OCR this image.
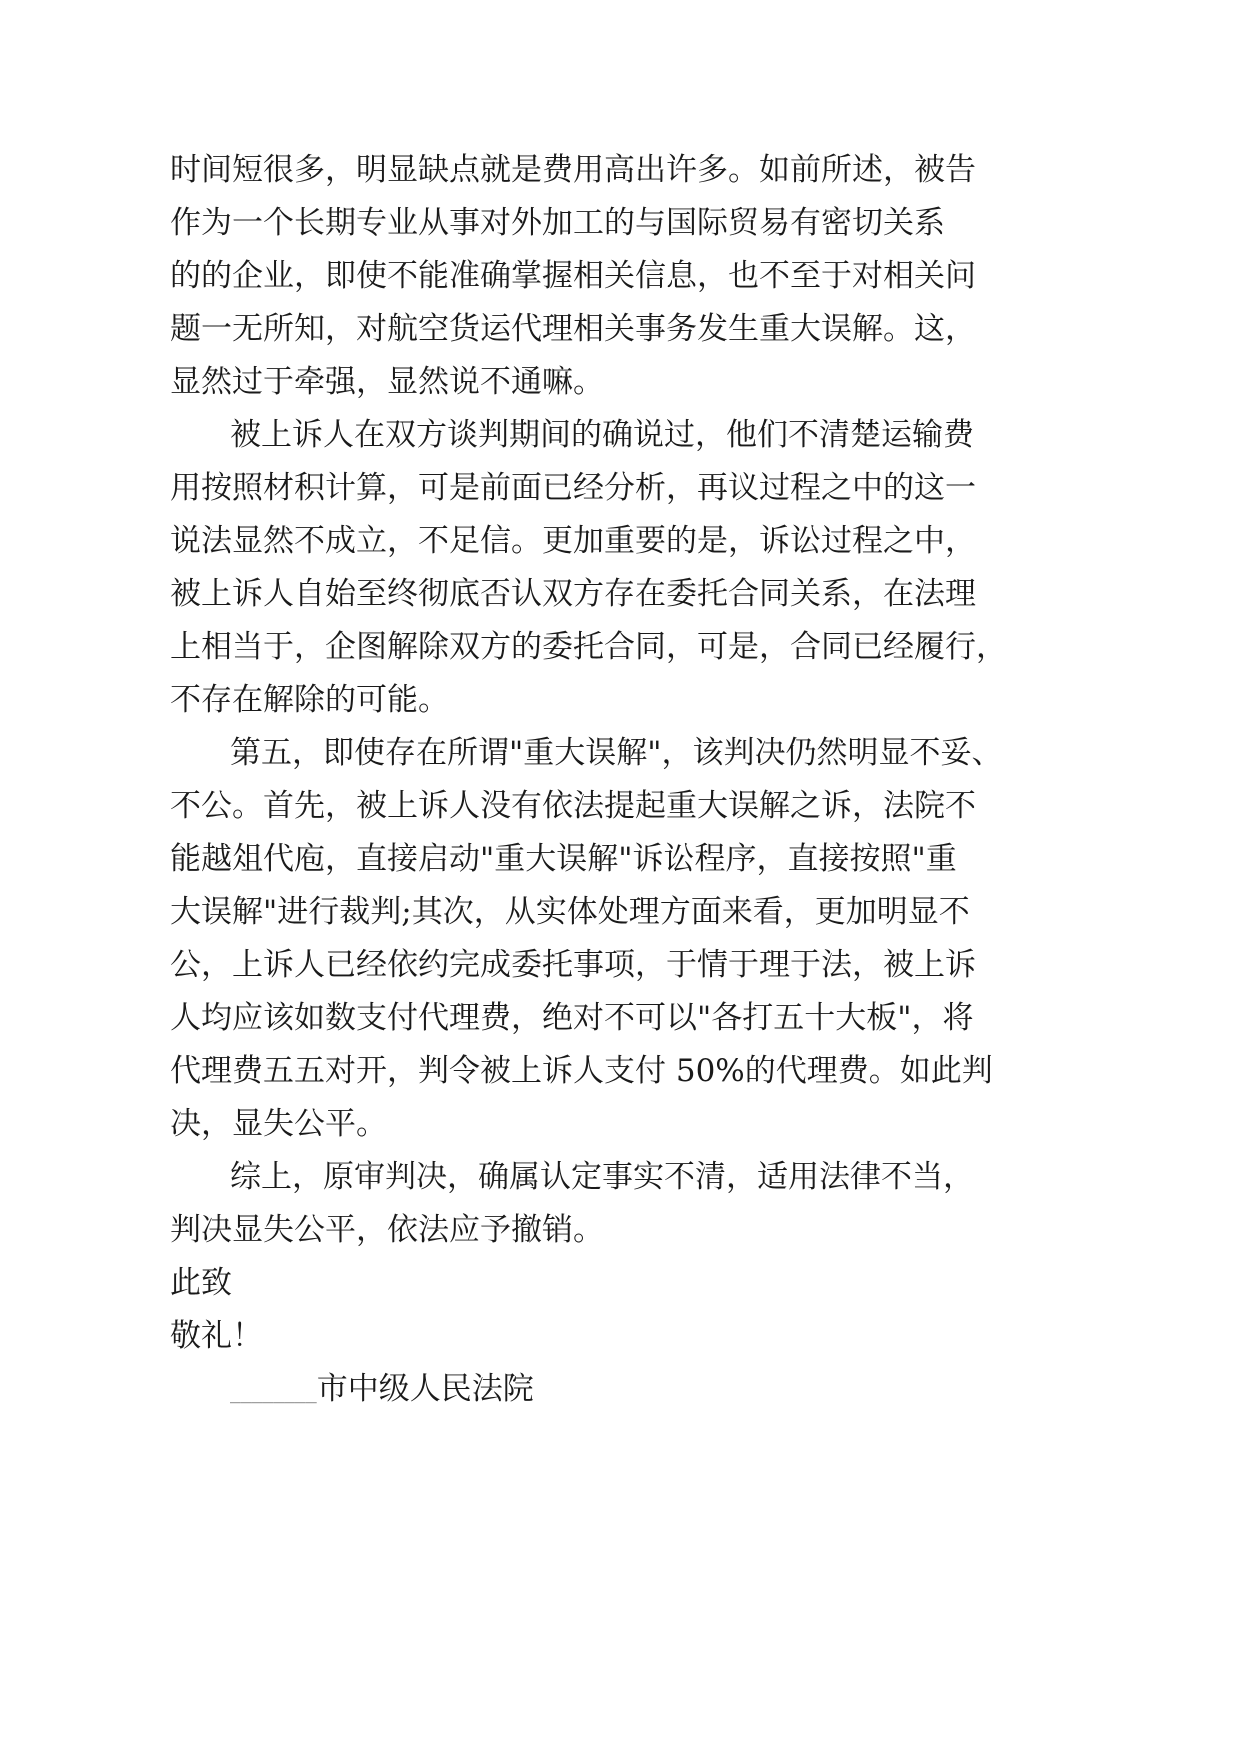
时间短很多，明显缺点就是费用高出许多。如前所述，被告

作为一个长期专业从事对外加工的与国际贸易有密切关系

的的企业，即使不能准确掌握相关信息，也不至于对相关问

题一无所知，对航空货运代理相关事务发生重大误解。这，

显然过于牵强，显然说不通嘛。

被上诉人在双方谈判期间的确说过，他们不清楚运输费

用按照材积计算，可是前面已经分析，再议过程之中的这一

说法显然不成立，不足信。更加重要的是，诉讼过程之中，

被上诉人自始至终彻底否认双方存在委托合同关系，在法理

上相当于，企图解除双方的委托合同，可是，合同已经履行，

不存在解除的可能。

第五，即使存在所谓"重大误解"，该判决仍然明显不妥、

不公。首先，被上诉人没有依法提起重大误解之诉，法院不

能越俎代庖，直接启动"重大误解"诉讼程序，直接按照"重

大误解"进行裁判;其次，从实体处理方面来看，更加明显不

公，上诉人已经依约完成委托事项，于情于理于法，被上诉

人均应该如数支付代理费，绝对不可以"各打五十大板"，将

代理费五五对开，判令被上诉人支付 50%的代理费。如此判

决，显失公平。

综上，原审判决，确属认定事实不清，适用法律不当，

判决显失公平，依法应予撤销。

此致

敬礼！

________市中级人民法院
